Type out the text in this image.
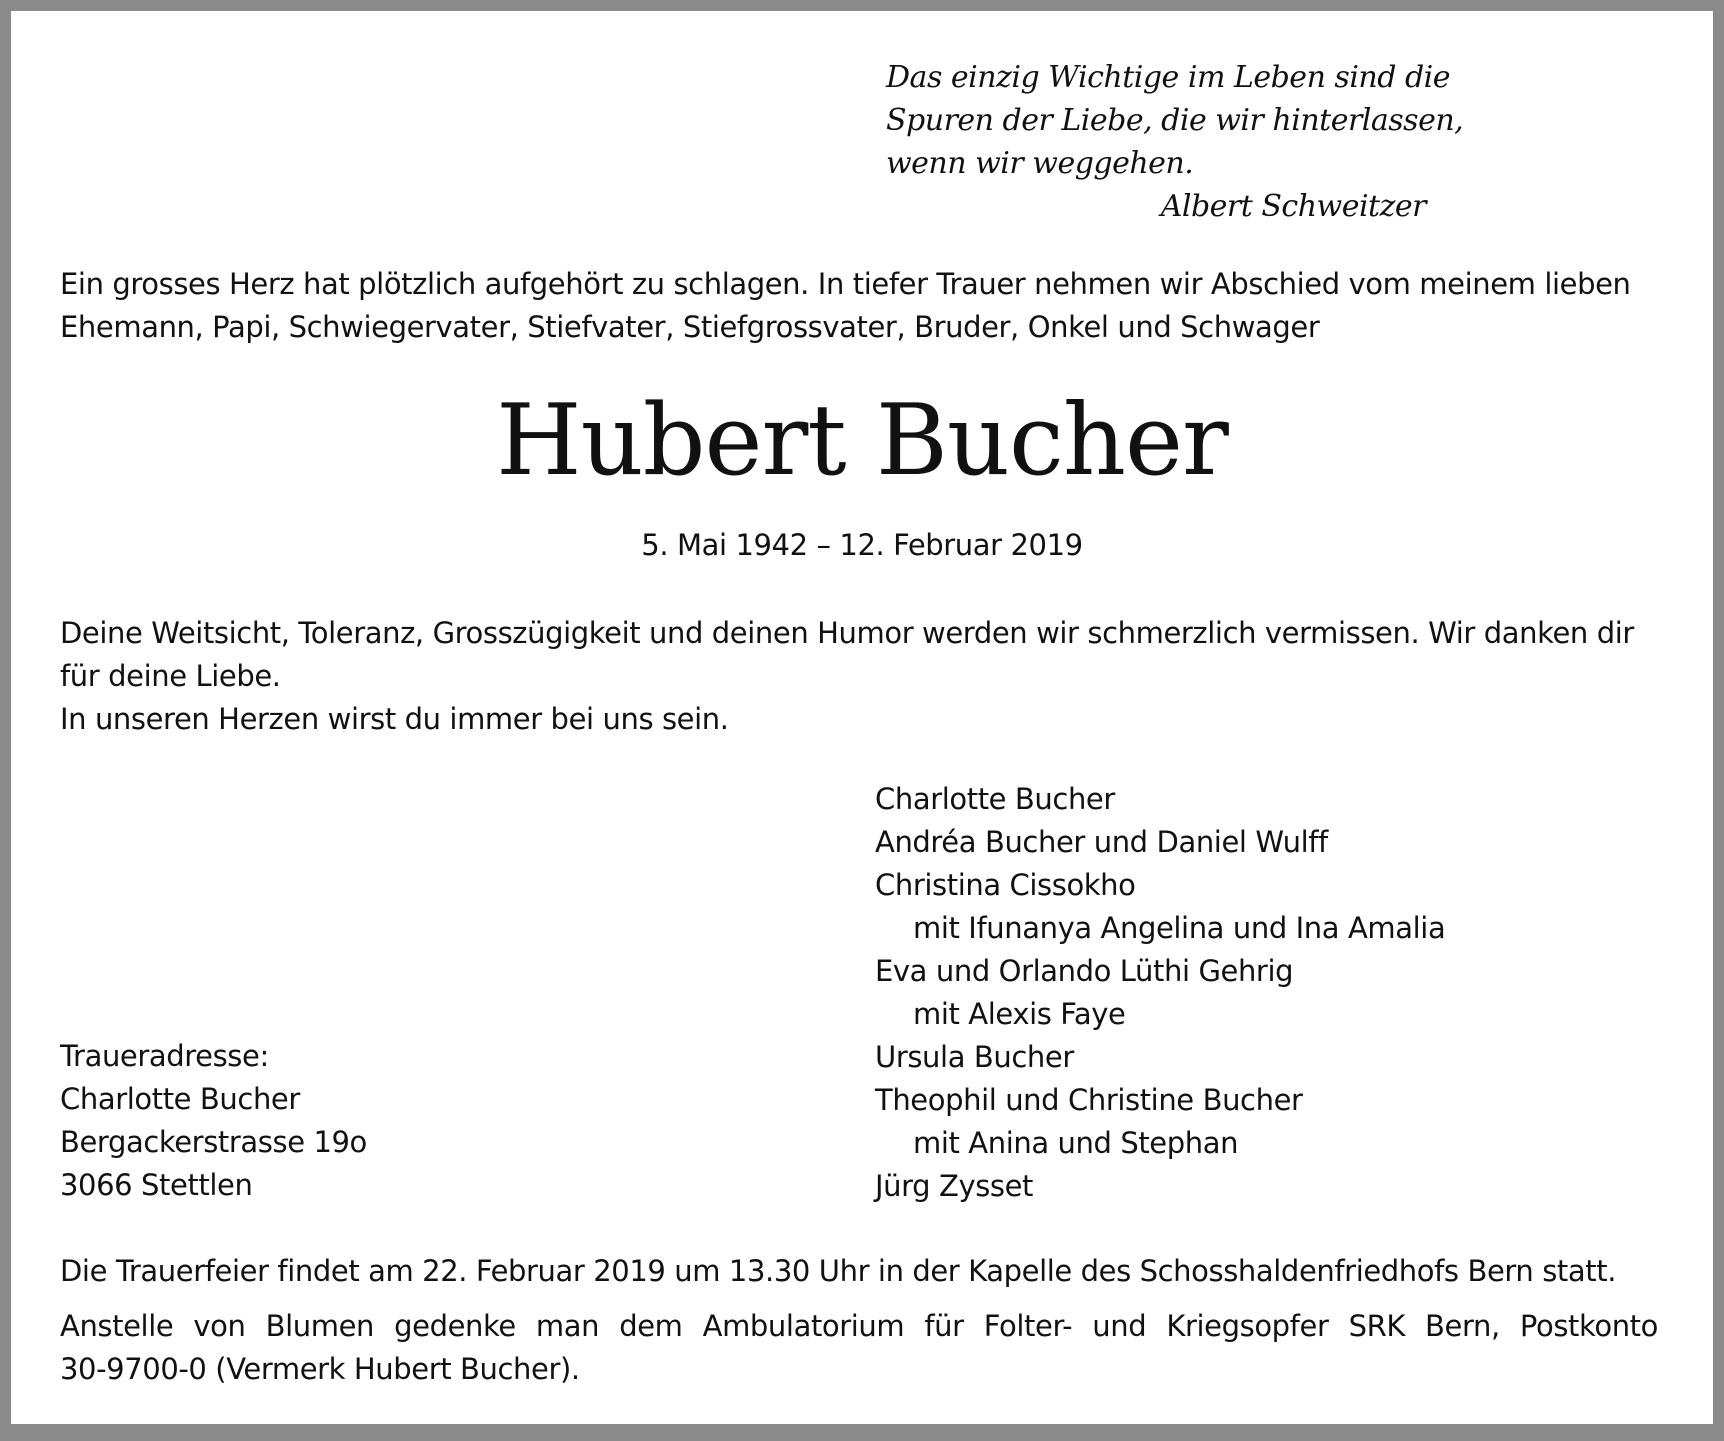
Das einzig Wichtige im Leben sind die
Spuren der Liebe, die wir hinterlassen,
wenn wir weggehen.
Albert Schweitzer
Ein grosses Herz hat plötzlich aufgehört zu schlagen. In tiefer Trauer nehmen wir Abschied vom meinem lieben
Ehemann, Papi, Schwiegervater, Stiefvater, Stiefgrossvater, Bruder, Onkel und Schwager
Hubert Bucher
5. Mai 1942 – 12. Februar 2019
Deine Weitsicht, Toleranz, Grosszügigkeit und deinen Humor werden wir schmerzlich vermissen. Wir danken dir
für deine Liebe.
In unseren Herzen wirst du immer bei uns sein.
Charlotte Bucher
Andréa Bucher und Daniel Wulff
Christina Cissokho
mit Ifunanya Angelina und Ina Amalia
Eva und Orlando Lüthi Gehrig
mit Alexis Faye
Ursula Bucher
Theophil und Christine Bucher
mit Anina und Stephan
Jürg Zysset
Traueradresse:
Charlotte Bucher
Bergackerstrasse 19o
3066 Stettlen
Die Trauerfeier findet am 22. Februar 2019 um 13.30 Uhr in der Kapelle des Schosshaldenfriedhofs Bern statt.
Anstelle von Blumen gedenke man dem Ambulatorium für Folter- und Kriegsopfer SRK Bern, Postkonto
30-9700-0 (Vermerk Hubert Bucher).
